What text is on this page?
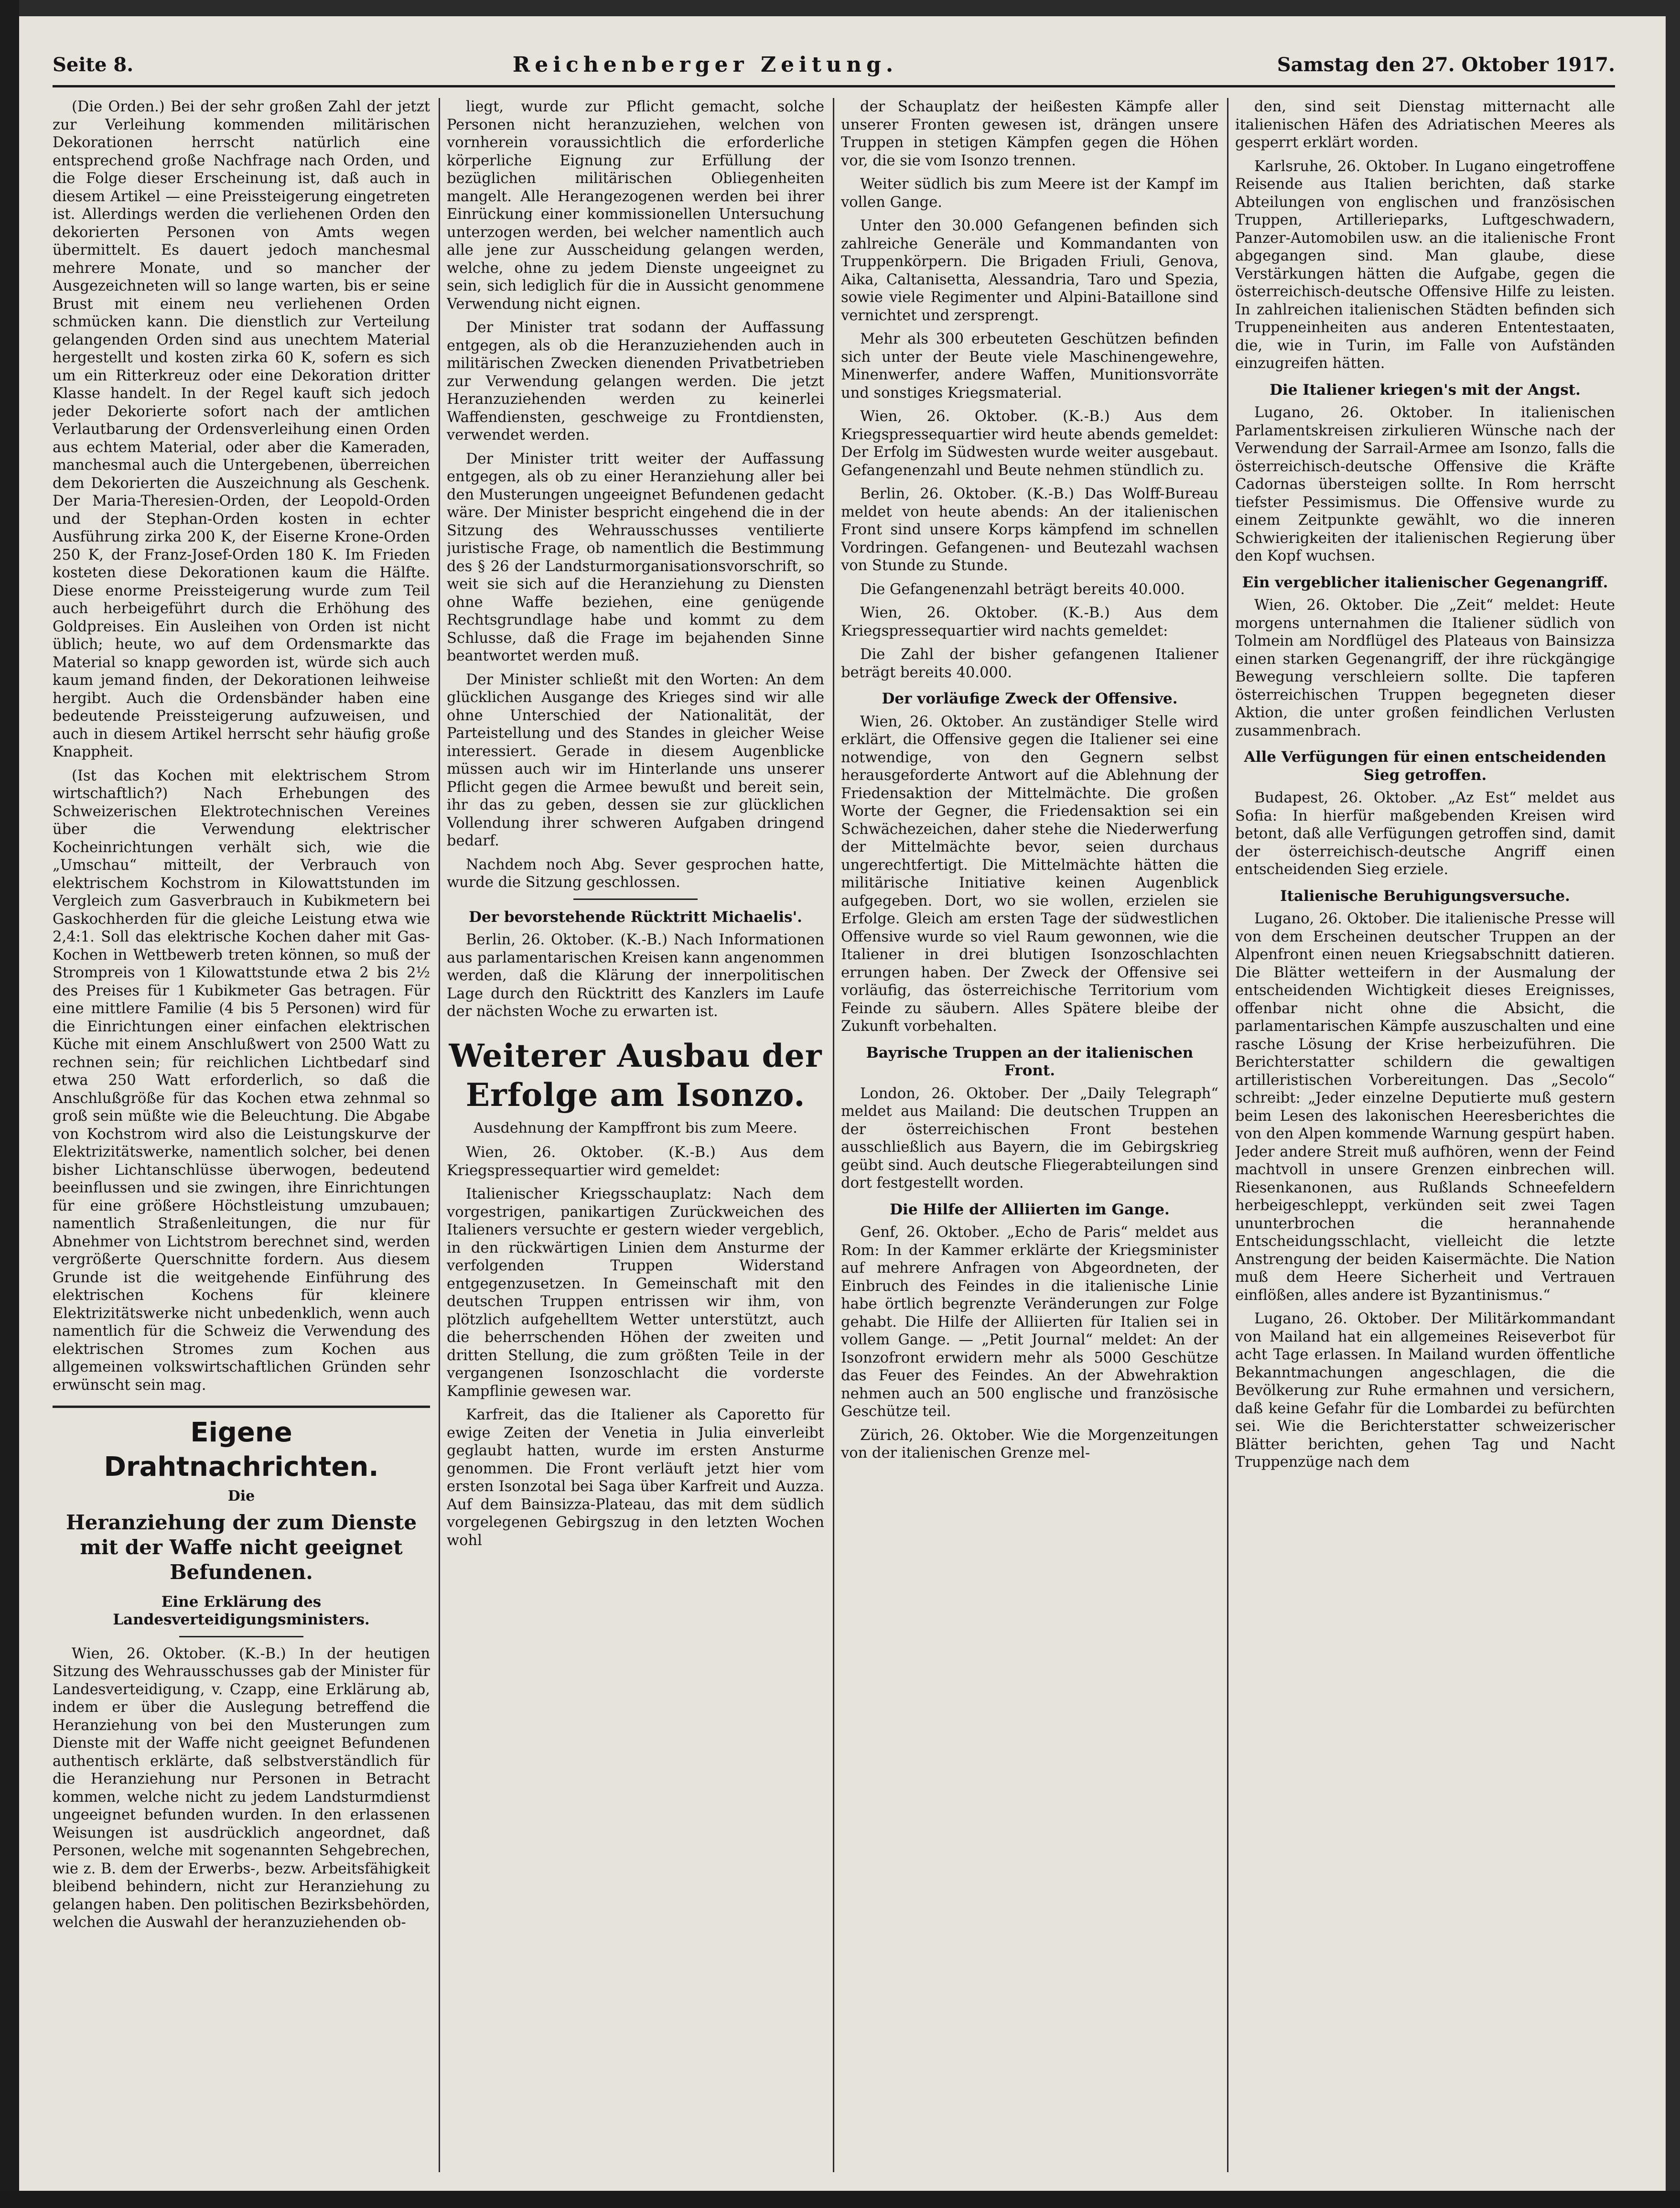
Seite 8.	Reichenberger Zeitung.	Samstag den 27. Oktober 1917.

(Die Orden.) Bei der sehr großen Zahl der jetzt zur Verleihung kommenden militärischen Dekorationen herrscht natürlich eine entsprechend große Nachfrage nach Orden, und die Folge dieser Erscheinung ist, daß auch in diesem Artikel — eine Preissteigerung eingetreten ist. Allerdings werden die verliehenen Orden den dekorierten Personen von Amts wegen übermittelt. Es dauert jedoch manchesmal mehrere Monate, und so mancher der Ausgezeichneten will so lange warten, bis er seine Brust mit einem neu verliehenen Orden schmücken kann. Die dienstlich zur Verteilung gelangenden Orden sind aus unechtem Material hergestellt und kosten zirka 60 K, sofern es sich um ein Ritterkreuz oder eine Dekoration dritter Klasse handelt. In der Regel kauft sich jedoch jeder Dekorierte sofort nach der amtlichen Verlautbarung der Ordensverleihung einen Orden aus echtem Material, oder aber die Kameraden, manchesmal auch die Untergebenen, überreichen dem Dekorierten die Auszeichnung als Geschenk. Der Maria-Theresien-Orden, der Leopold-Orden und der Stephan-Orden kosten in echter Ausführung zirka 200 K, der Eiserne Krone-Orden 250 K, der Franz-Josef-Orden 180 K. Im Frieden kosteten diese Dekorationen kaum die Hälfte. Diese enorme Preissteigerung wurde zum Teil auch herbeigeführt durch die Erhöhung des Goldpreises. Ein Ausleihen von Orden ist nicht üblich; heute, wo auf dem Ordensmarkte das Material so knapp geworden ist, würde sich auch kaum jemand finden, der Dekorationen leihweise hergibt. Auch die Ordensbänder haben eine bedeutende Preissteigerung aufzuweisen, und auch in diesem Artikel herrscht sehr häufig große Knappheit.

(Ist das Kochen mit elektrischem Strom wirtschaftlich?) Nach Erhebungen des Schweizerischen Elektrotechnischen Vereines über die Verwendung elektrischer Kocheinrichtungen verhält sich, wie die „Umschau“ mitteilt, der Verbrauch von elektrischem Kochstrom in Kilowattstunden im Vergleich zum Gasverbrauch in Kubikmetern bei Gaskochherden für die gleiche Leistung etwa wie 2,4:1. Soll das elektrische Kochen daher mit Gas-Kochen in Wettbewerb treten können, so muß der Strompreis von 1 Kilowattstunde etwa 2 bis 2½ des Preises für 1 Kubikmeter Gas betragen. Für eine mittlere Familie (4 bis 5 Personen) wird für die Einrichtungen einer einfachen elektrischen Küche mit einem Anschlußwert von 2500 Watt zu rechnen sein; für reichlichen Lichtbedarf sind etwa 250 Watt erforderlich, so daß die Anschlußgröße für das Kochen etwa zehnmal so groß sein müßte wie die Beleuchtung. Die Abgabe von Kochstrom wird also die Leistungskurve der Elektrizitätswerke, namentlich solcher, bei denen bisher Lichtanschlüsse überwogen, bedeutend beeinflussen und sie zwingen, ihre Einrichtungen für eine größere Höchstleistung umzubauen; namentlich Straßenleitungen, die nur für Abnehmer von Lichtstrom berechnet sind, werden vergrößerte Querschnitte fordern. Aus diesem Grunde ist die weitgehende Einführung des elektrischen Kochens für kleinere Elektrizitätswerke nicht unbedenklich, wenn auch namentlich für die Schweiz die Verwendung des elektrischen Stromes zum Kochen aus allgemeinen volkswirtschaftlichen Gründen sehr erwünscht sein mag.

Eigene Drahtnachrichten.
Die
Heranziehung der zum Dienste mit der Waffe nicht geeignet Befundenen.
Eine Erklärung des Landesverteidigungsministers.

Wien, 26. Oktober. (K.-B.) In der heutigen Sitzung des Wehrausschusses gab der Minister für Landesverteidigung, v. Czapp, eine Erklärung ab, indem er über die Auslegung betreffend die Heranziehung von bei den Musterungen zum Dienste mit der Waffe nicht geeignet Befundenen authentisch erklärte, daß selbstverständlich für die Heranziehung nur Personen in Betracht kommen, welche nicht zu jedem Landsturmdienst ungeeignet befunden wurden. In den erlassenen Weisungen ist ausdrücklich angeordnet, daß Personen, welche mit sogenannten Sehgebrechen, wie z. B. dem der Erwerbs-, bezw. Arbeitsfähigkeit bleibend behindern, nicht zur Heranziehung zu gelangen haben. Den politischen Bezirksbehörden, welchen die Auswahl der heranzuziehenden ob-

liegt, wurde zur Pflicht gemacht, solche Personen nicht heranzuziehen, welchen von vornherein voraussichtlich die erforderliche körperliche Eignung zur Erfüllung der bezüglichen militärischen Obliegenheiten mangelt. Alle Herangezogenen werden bei ihrer Einrückung einer kommissionellen Untersuchung unterzogen werden, bei welcher namentlich auch alle jene zur Ausscheidung gelangen werden, welche, ohne zu jedem Dienste ungeeignet zu sein, sich lediglich für die in Aussicht genommene Verwendung nicht eignen.

Der Minister trat sodann der Auffassung entgegen, als ob die Heranzuziehenden auch in militärischen Zwecken dienenden Privatbetrieben zur Verwendung gelangen werden. Die jetzt Heranzuziehenden werden zu keinerlei Waffendiensten, geschweige zu Frontdiensten, verwendet werden.

Der Minister tritt weiter der Auffassung entgegen, als ob zu einer Heranziehung aller bei den Musterungen ungeeignet Befundenen gedacht wäre. Der Minister bespricht eingehend die in der Sitzung des Wehrausschusses ventilierte juristische Frage, ob namentlich die Bestimmung des § 26 der Landsturmorganisationsvorschrift, so weit sie sich auf die Heranziehung zu Diensten ohne Waffe beziehen, eine genügende Rechtsgrundlage habe und kommt zu dem Schlusse, daß die Frage im bejahenden Sinne beantwortet werden muß.

Der Minister schließt mit den Worten: An dem glücklichen Ausgange des Krieges sind wir alle ohne Unterschied der Nationalität, der Parteistellung und des Standes in gleicher Weise interessiert. Gerade in diesem Augenblicke müssen auch wir im Hinterlande uns unserer Pflicht gegen die Armee bewußt und bereit sein, ihr das zu geben, dessen sie zur glücklichen Vollendung ihrer schweren Aufgaben dringend bedarf.

Nachdem noch Abg. Sever gesprochen hatte, wurde die Sitzung geschlossen.

Der bevorstehende Rücktritt Michaelis'.

Berlin, 26. Oktober. (K.-B.) Nach Informationen aus parlamentarischen Kreisen kann angenommen werden, daß die Klärung der innerpolitischen Lage durch den Rücktritt des Kanzlers im Laufe der nächsten Woche zu erwarten ist.

Weiterer Ausbau der Erfolge am Isonzo.
Ausdehnung der Kampffront bis zum Meere.

Wien, 26. Oktober. (K.-B.) Aus dem Kriegspressequartier wird gemeldet:

Italienischer Kriegsschauplatz: Nach dem vorgestrigen, panikartigen Zurückweichen des Italieners versuchte er gestern wieder vergeblich, in den rückwärtigen Linien dem Ansturme der verfolgenden Truppen Widerstand entgegenzusetzen. In Gemeinschaft mit den deutschen Truppen entrissen wir ihm, von plötzlich aufgehelltem Wetter unterstützt, auch die beherrschenden Höhen der zweiten und dritten Stellung, die zum größten Teile in der vergangenen Isonzoschlacht die vorderste Kampflinie gewesen war.

Karfreit, das die Italiener als Caporetto für ewige Zeiten der Venetia in Julia einverleibt geglaubt hatten, wurde im ersten Ansturme genommen. Die Front verläuft jetzt hier vom ersten Isonzotal bei Saga über Karfreit und Auzza. Auf dem Bainsizza-Plateau, das mit dem südlich vorgelegenen Gebirgszug in den letzten Wochen wohl

der Schauplatz der heißesten Kämpfe aller unserer Fronten gewesen ist, drängen unsere Truppen in stetigen Kämpfen gegen die Höhen vor, die sie vom Isonzo trennen.

Weiter südlich bis zum Meere ist der Kampf im vollen Gange.

Unter den 30.000 Gefangenen befinden sich zahlreiche Generäle und Kommandanten von Truppenkörpern. Die Brigaden Friuli, Genova, Aika, Caltanisetta, Alessandria, Taro und Spezia, sowie viele Regimenter und Alpini-Bataillone sind vernichtet und zersprengt.

Mehr als 300 erbeuteten Geschützen befinden sich unter der Beute viele Maschinengewehre, Minenwerfer, andere Waffen, Munitionsvorräte und sonstiges Kriegsmaterial.

Wien, 26. Oktober. (K.-B.) Aus dem Kriegspressequartier wird heute abends gemeldet: Der Erfolg im Südwesten wurde weiter ausgebaut. Gefangenenzahl und Beute nehmen stündlich zu.

Berlin, 26. Oktober. (K.-B.) Das Wolff-Bureau meldet von heute abends: An der italienischen Front sind unsere Korps kämpfend im schnellen Vordringen. Gefangenen- und Beutezahl wachsen von Stunde zu Stunde.

Die Gefangenenzahl beträgt bereits 40.000.

Wien, 26. Oktober. (K.-B.) Aus dem Kriegspressequartier wird nachts gemeldet:

Die Zahl der bisher gefangenen Italiener beträgt bereits 40.000.

Der vorläufige Zweck der Offensive.

Wien, 26. Oktober. An zuständiger Stelle wird erklärt, die Offensive gegen die Italiener sei eine notwendige, von den Gegnern selbst herausgeforderte Antwort auf die Ablehnung der Friedensaktion der Mittelmächte. Die großen Worte der Gegner, die Friedensaktion sei ein Schwächezeichen, daher stehe die Niederwerfung der Mittelmächte bevor, seien durchaus ungerechtfertigt. Die Mittelmächte hätten die militärische Initiative keinen Augenblick aufgegeben. Dort, wo sie wollen, erzielen sie Erfolge. Gleich am ersten Tage der südwestlichen Offensive wurde so viel Raum gewonnen, wie die Italiener in drei blutigen Isonzoschlachten errungen haben. Der Zweck der Offensive sei vorläufig, das österreichische Territorium vom Feinde zu säubern. Alles Spätere bleibe der Zukunft vorbehalten.

Bayrische Truppen an der italienischen Front.

London, 26. Oktober. Der „Daily Telegraph“ meldet aus Mailand: Die deutschen Truppen an der österreichischen Front bestehen ausschließlich aus Bayern, die im Gebirgskrieg geübt sind. Auch deutsche Fliegerabteilungen sind dort festgestellt worden.

Die Hilfe der Alliierten im Gange.

Genf, 26. Oktober. „Echo de Paris“ meldet aus Rom: In der Kammer erklärte der Kriegsminister auf mehrere Anfragen von Abgeordneten, der Einbruch des Feindes in die italienische Linie habe örtlich begrenzte Veränderungen zur Folge gehabt. Die Hilfe der Alliierten für Italien sei in vollem Gange. — „Petit Journal“ meldet: An der Isonzofront erwidern mehr als 5000 Geschütze das Feuer des Feindes. An der Abwehraktion nehmen auch an 500 englische und französische Geschütze teil.

Zürich, 26. Oktober. Wie die Morgenzeitungen von der italienischen Grenze mel-

den, sind seit Dienstag mitternacht alle italienischen Häfen des Adriatischen Meeres als gesperrt erklärt worden.

Karlsruhe, 26. Oktober. In Lugano eingetroffene Reisende aus Italien berichten, daß starke Abteilungen von englischen und französischen Truppen, Artillerieparks, Luftgeschwadern, Panzer-Automobilen usw. an die italienische Front abgegangen sind. Man glaube, diese Verstärkungen hätten die Aufgabe, gegen die österreichisch-deutsche Offensive Hilfe zu leisten. In zahlreichen italienischen Städten befinden sich Truppeneinheiten aus anderen Ententestaaten, die, wie in Turin, im Falle von Aufständen einzugreifen hätten.

Die Italiener kriegen's mit der Angst.

Lugano, 26. Oktober. In italienischen Parlamentskreisen zirkulieren Wünsche nach der Verwendung der Sarrail-Armee am Isonzo, falls die österreichisch-deutsche Offensive die Kräfte Cadornas übersteigen sollte. In Rom herrscht tiefster Pessimismus. Die Offensive wurde zu einem Zeitpunkte gewählt, wo die inneren Schwierigkeiten der italienischen Regierung über den Kopf wuchsen.

Ein vergeblicher italienischer Gegenangriff.

Wien, 26. Oktober. Die „Zeit“ meldet: Heute morgens unternahmen die Italiener südlich von Tolmein am Nordflügel des Plateaus von Bainsizza einen starken Gegenangriff, der ihre rückgängige Bewegung verschleiern sollte. Die tapferen österreichischen Truppen begegneten dieser Aktion, die unter großen feindlichen Verlusten zusammenbrach.

Alle Verfügungen für einen entscheidenden Sieg getroffen.

Budapest, 26. Oktober. „Az Est“ meldet aus Sofia: In hierfür maßgebenden Kreisen wird betont, daß alle Verfügungen getroffen sind, damit der österreichisch-deutsche Angriff einen entscheidenden Sieg erziele.

Italienische Beruhigungsversuche.

Lugano, 26. Oktober. Die italienische Presse will von dem Erscheinen deutscher Truppen an der Alpenfront einen neuen Kriegsabschnitt datieren. Die Blätter wetteifern in der Ausmalung der entscheidenden Wichtigkeit dieses Ereignisses, offenbar nicht ohne die Absicht, die parlamentarischen Kämpfe auszuschalten und eine rasche Lösung der Krise herbeizuführen. Die Berichterstatter schildern die gewaltigen artilleristischen Vorbereitungen. Das „Secolo“ schreibt: „Jeder einzelne Deputierte muß gestern beim Lesen des lakonischen Heeresberichtes die von den Alpen kommende Warnung gespürt haben. Jeder andere Streit muß aufhören, wenn der Feind machtvoll in unsere Grenzen einbrechen will. Riesenkanonen, aus Rußlands Schneefeldern herbeigeschleppt, verkünden seit zwei Tagen ununterbrochen die herannahende Entscheidungsschlacht, vielleicht die letzte Anstrengung der beiden Kaisermächte. Die Nation muß dem Heere Sicherheit und Vertrauen einflößen, alles andere ist Byzantinismus.“

Lugano, 26. Oktober. Der Militärkommandant von Mailand hat ein allgemeines Reiseverbot für acht Tage erlassen. In Mailand wurden öffentliche Bekanntmachungen angeschlagen, die die Bevölkerung zur Ruhe ermahnen und versichern, daß keine Gefahr für die Lombardei zu befürchten sei. Wie die Berichterstatter schweizerischer Blätter berichten, gehen Tag und Nacht Truppenzüge nach dem
